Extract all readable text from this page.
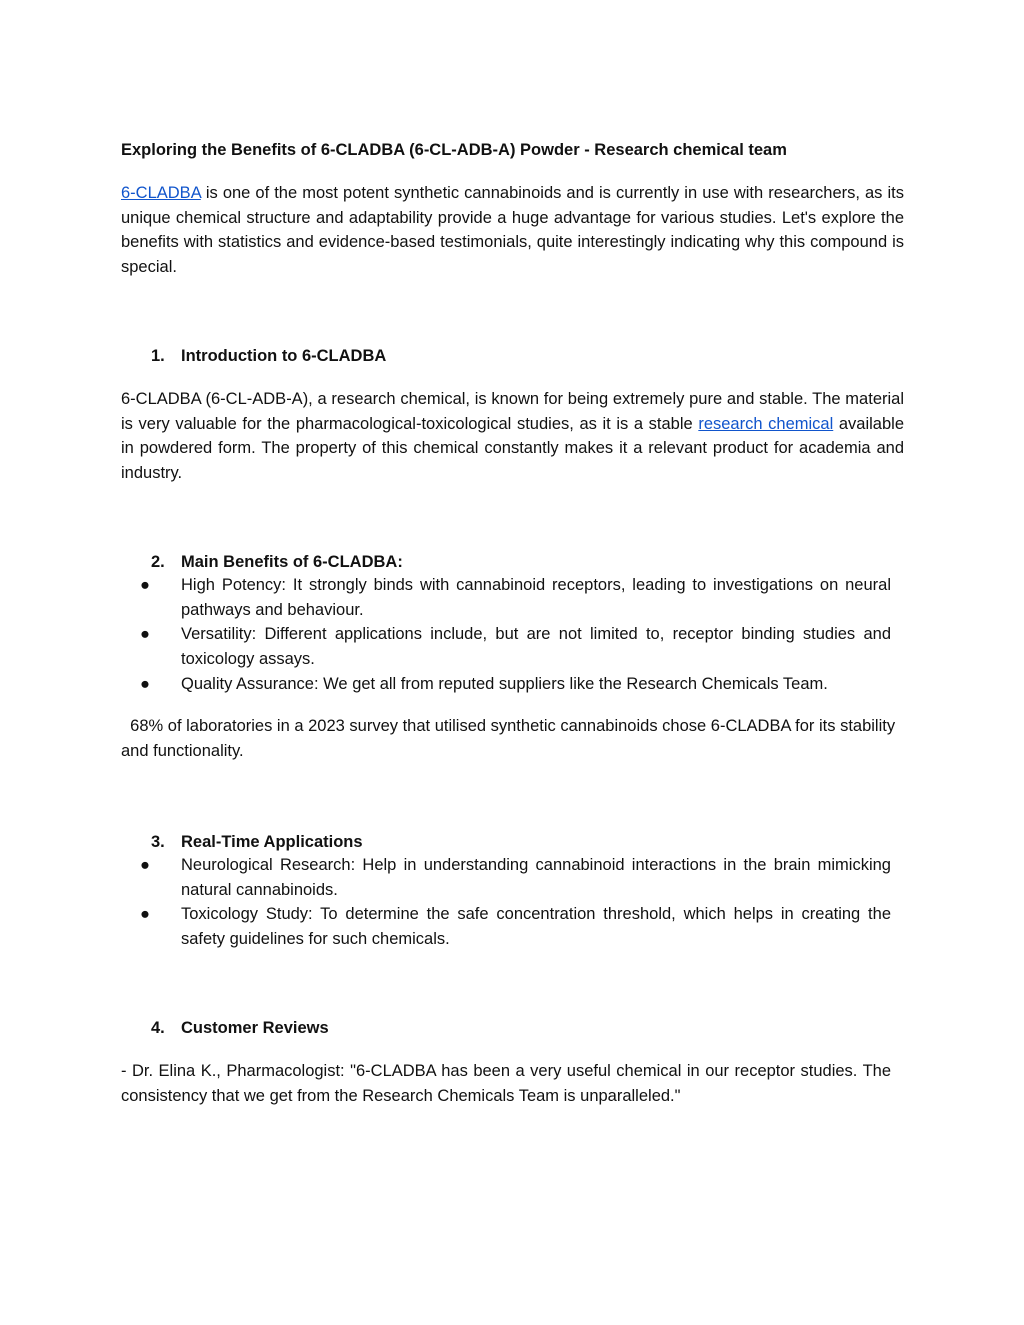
Exploring the Benefits of 6-CLADBA (6-CL-ADB-A) Powder - Research chemical team
6-CLADBA is one of the most potent synthetic cannabinoids and is currently in use with researchers, as its unique chemical structure and adaptability provide a huge advantage for various studies. Let's explore the benefits with statistics and evidence-based testimonials, quite interestingly indicating why this compound is special.
1. Introduction to 6-CLADBA
6-CLADBA (6-CL-ADB-A), a research chemical, is known for being extremely pure and stable. The material is very valuable for the pharmacological-toxicological studies, as it is a stable research chemical available in powdered form. The property of this chemical constantly makes it a relevant product for academia and industry.
2. Main Benefits of 6-CLADBA:
● High Potency: It strongly binds with cannabinoid receptors, leading to investigations on neural pathways and behaviour.
● Versatility: Different applications include, but are not limited to, receptor binding studies and toxicology assays.
● Quality Assurance: We get all from reputed suppliers like the Research Chemicals Team.
68% of laboratories in a 2023 survey that utilised synthetic cannabinoids chose 6-CLADBA for its stability and functionality.
3. Real-Time Applications
● Neurological Research: Help in understanding cannabinoid interactions in the brain mimicking natural cannabinoids.
● Toxicology Study: To determine the safe concentration threshold, which helps in creating the safety guidelines for such chemicals.
4. Customer Reviews
- Dr. Elina K., Pharmacologist: "6-CLADBA has been a very useful chemical in our receptor studies. The consistency that we get from the Research Chemicals Team is unparalleled."
